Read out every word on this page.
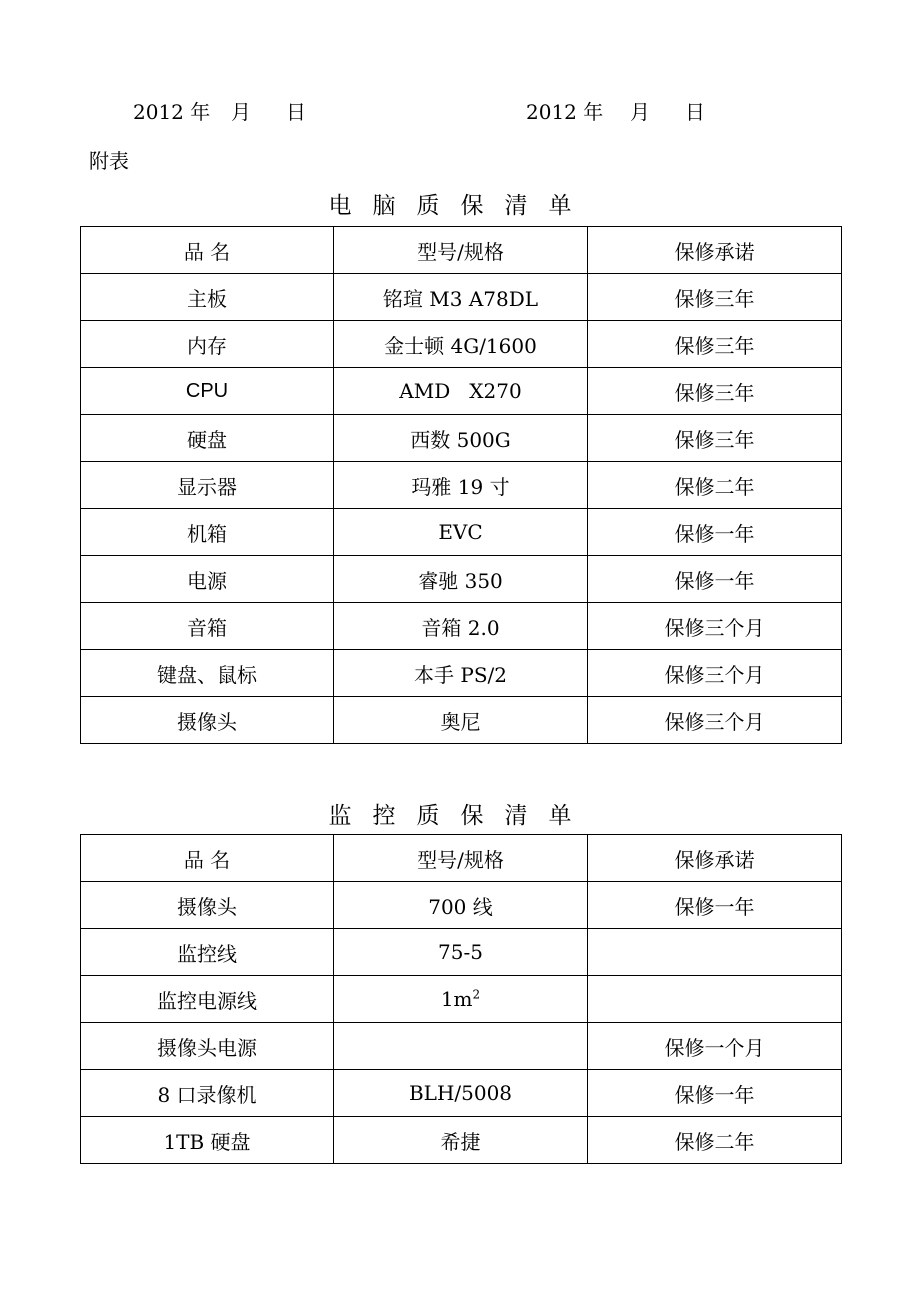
2012 年 月 日	2012 年 月 日
附表
电脑质保清单
品 名	型号/规格	保修承诺
主板	铭瑄 M3 A78DL	保修三年
内存	金士顿 4G/1600	保修三年
CPU	AMD   X270	保修三年
硬盘	西数 500G	保修三年
显示器	玛雅 19 寸	保修二年
机箱	EVC	保修一年
电源	睿驰 350	保修一年
音箱	音箱 2.0	保修三个月
键盘、鼠标	本手 PS/2	保修三个月
摄像头	奥尼	保修三个月
监控质保清单
品 名	型号/规格	保修承诺
摄像头	700 线	保修一年
监控线	75-5	
监控电源线	$1m^2$	
摄像头电源		保修一个月
8 口录像机	BLH/5008	保修一年
1TB 硬盘	希捷	保修二年
